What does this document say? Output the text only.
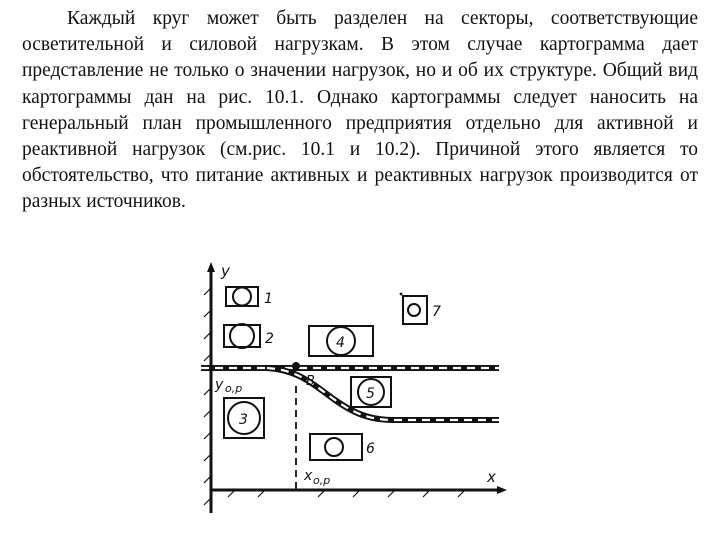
Каждый круг может быть разделен на секторы, соответствующие осветительной и силовой нагрузкам. В этом случае картограмма дает представление не только о значении нагрузок, но и об их структуре. Общий вид картограммы дан на рис. 10.1. Однако картограммы следует наносить на генеральный план промышленного предприятия отдельно для активной и реактивной нагрузок (см.рис. 10.1 и 10.2). Причиной этого является то обстоятельство, что питание активных и реактивных нагрузок производится от разных источников.

y
x
B
y о,р
x о,р
1
2
3
4
5
6
7
